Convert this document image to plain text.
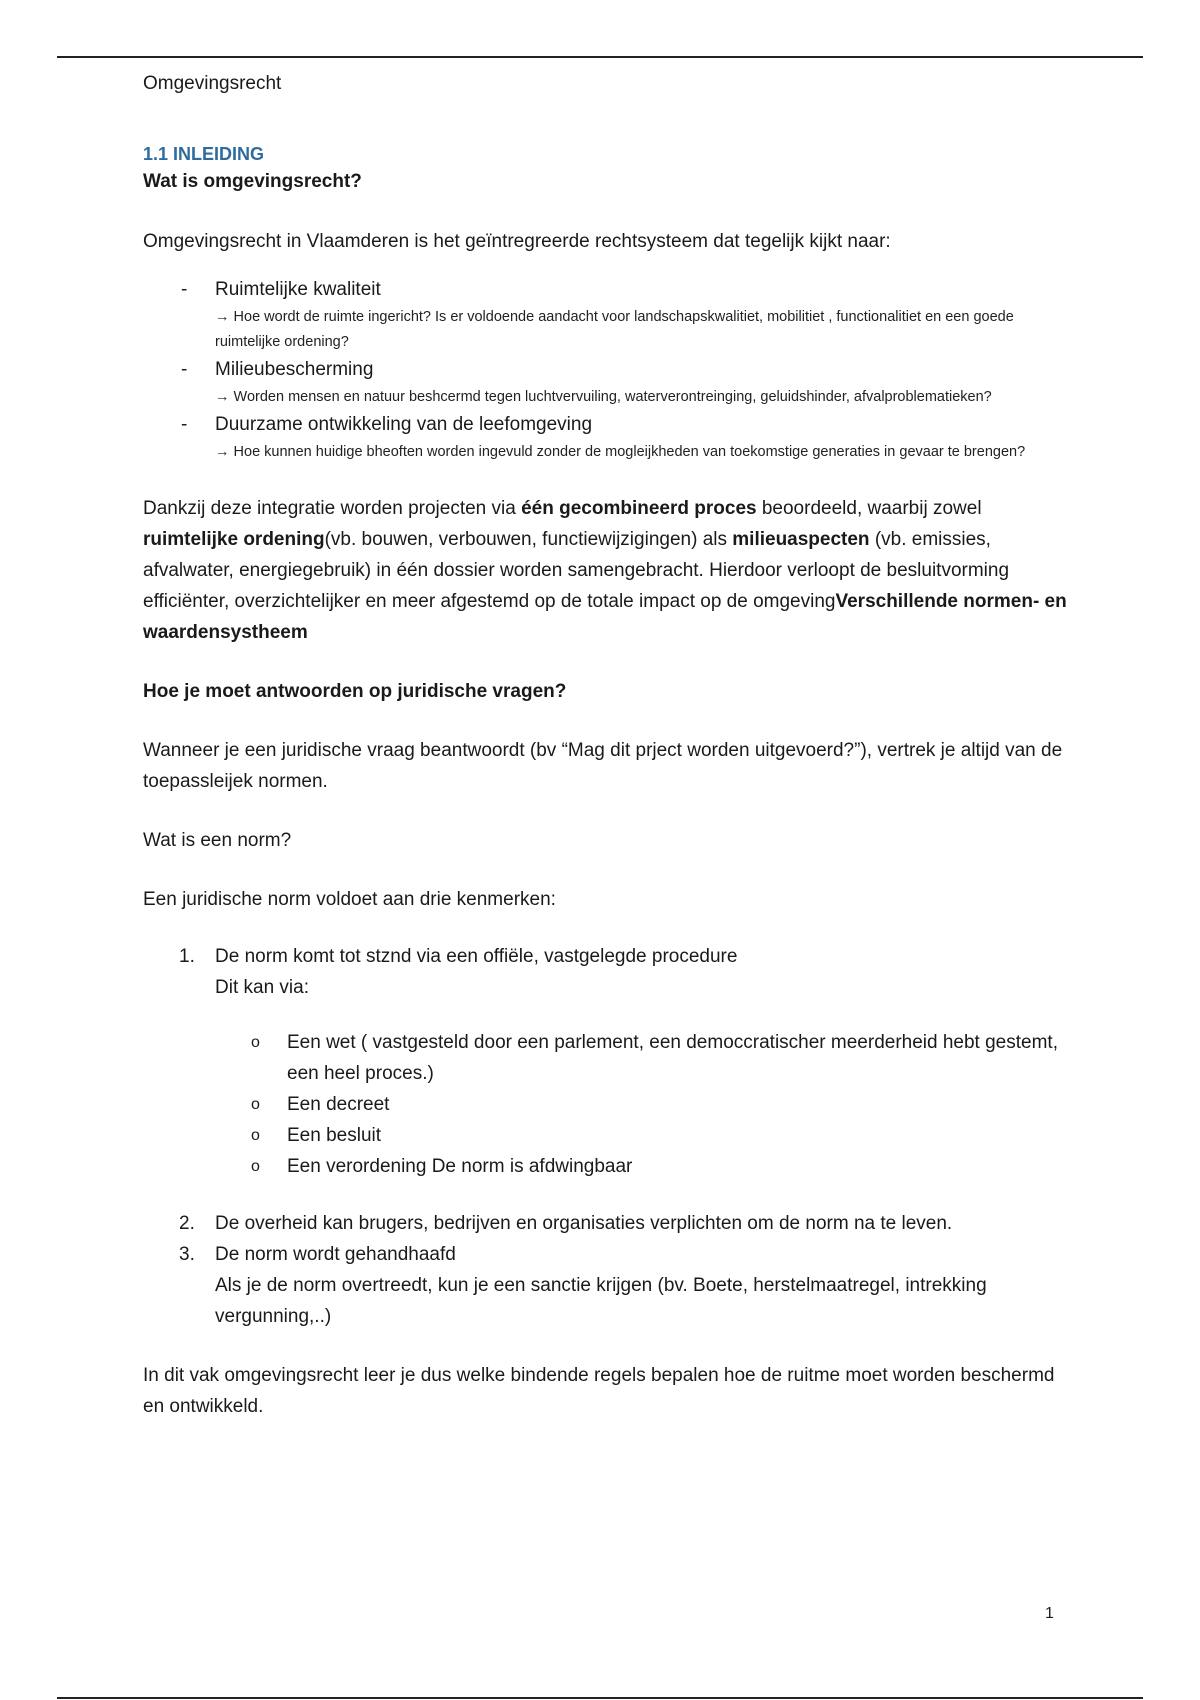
Omgevingsrecht
1.1 INLEIDING
Wat is omgevingsrecht?

Omgevingsrecht in Vlaamderen is het geïntregreerde rechtsysteem dat tegelijk kijkt naar:

- Ruimtelijke kwaliteit
→ Hoe wordt de ruimte ingericht? Is er voldoende aandacht voor landschapskwalitiet, mobilitiet , functionalitiet en een goede ruimtelijke ordening?
- Milieubescherming
→ Worden mensen en natuur beshcermd tegen luchtvervuiling, waterverontreinging, geluidshinder, afvalproblematieken?
- Duurzame ontwikkeling van de leefomgeving
→ Hoe kunnen huidige bheoften worden ingevuld zonder de mogleijkheden van toekomstige generaties in gevaar te brengen?

Dankzij deze integratie worden projecten via één gecombineerd proces beoordeeld, waarbij zowel ruimtelijke ordening(vb. bouwen, verbouwen, functiewijzigingen) als milieuaspecten (vb. emissies, afvalwater, energiegebruik) in één dossier worden samengebracht. Hierdoor verloopt de besluitvorming efficiënter, overzichtelijker en meer afgestemd op de totale impact op de omgevingVerschillende normen- en waardensystheem

Hoe je moet antwoorden op juridische vragen?

Wanneer je een juridische vraag beantwoordt (bv “Mag dit prject worden uitgevoerd?”), vertrek je altijd van de toepassleijek normen.

Wat is een norm?

Een juridische norm voldoet aan drie kenmerken:

1. De norm komt tot stznd via een offiële, vastgelegde procedure
Dit kan via:
o Een wet ( vastgesteld door een parlement, een democcratischer meerderheid hebt gestemt, een heel proces.)
o Een decreet
o Een besluit
o Een verordening De norm is afdwingbaar
2. De overheid kan brugers, bedrijven en organisaties verplichten om de norm na te leven.
3. De norm wordt gehandhaafd
Als je de norm overtreedt, kun je een sanctie krijgen (bv. Boete, herstelmaatregel, intrekking vergunning,..)

In dit vak omgevingsrecht leer je dus welke bindende regels bepalen hoe de ruitme moet worden beschermd en ontwikkeld.

1
